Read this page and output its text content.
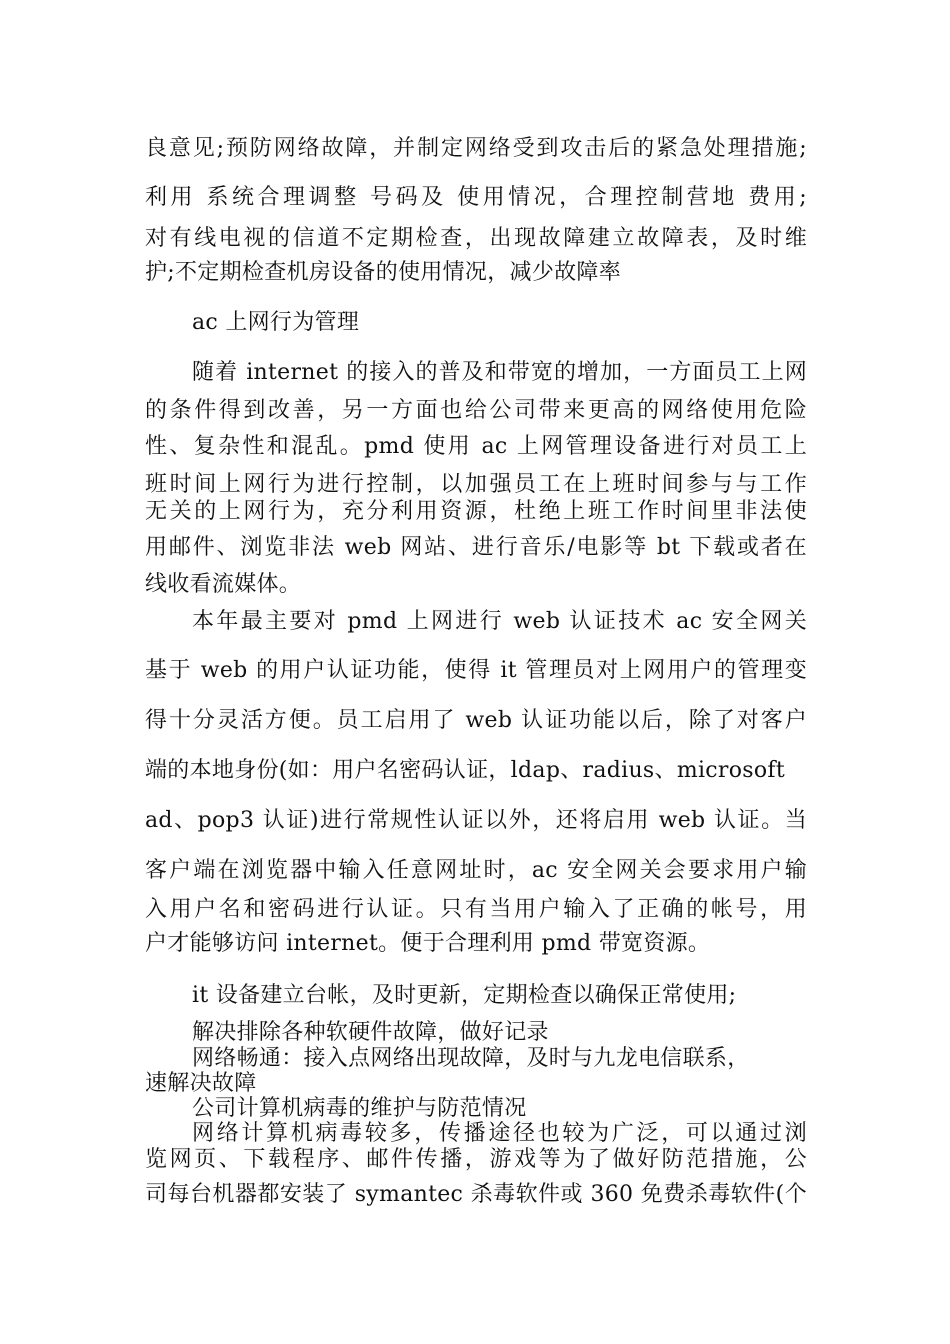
良意见;预防网络故障，并制定网络受到攻击后的紧急处理措施;
利用 系统合理调整 号码及 使用情况，合理控制营地 费用;
对有线电视的信道不定期检查，出现故障建立故障表，及时维
护;不定期检查机房设备的使用情况，减少故障率
ac 上网行为管理
随着 internet 的接入的普及和带宽的增加，一方面员工上网
的条件得到改善，另一方面也给公司带来更高的网络使用危险
性、复杂性和混乱。pmd 使用 ac 上网管理设备进行对员工上
班时间上网行为进行控制，以加强员工在上班时间参与与工作
无关的上网行为，充分利用资源，杜绝上班工作时间里非法使
用邮件、浏览非法 web 网站、进行音乐/电影等 bt 下载或者在
线收看流媒体。
本年最主要对 pmd 上网进行 web 认证技术 ac 安全网关
基于 web 的用户认证功能，使得 it 管理员对上网用户的管理变
得十分灵活方便。员工启用了 web 认证功能以后，除了对客户
端的本地身份(如：用户名密码认证，ldap、radius、microsoft
ad、pop3 认证)进行常规性认证以外，还将启用 web 认证。当
客户端在浏览器中输入任意网址时，ac 安全网关会要求用户输
入用户名和密码进行认证。只有当用户输入了正确的帐号，用
户才能够访问 internet。便于合理利用 pmd 带宽资源。
it 设备建立台帐，及时更新，定期检查以确保正常使用;
解决排除各种软硬件故障，做好记录
网络畅通：接入点网络出现故障，及时与九龙电信联系，
速解决故障
公司计算机病毒的维护与防范情况
网络计算机病毒较多，传播途径也较为广泛，可以通过浏
览网页、下载程序、邮件传播，游戏等为了做好防范措施，公
司每台机器都安装了 symantec 杀毒软件或 360 免费杀毒软件(个
